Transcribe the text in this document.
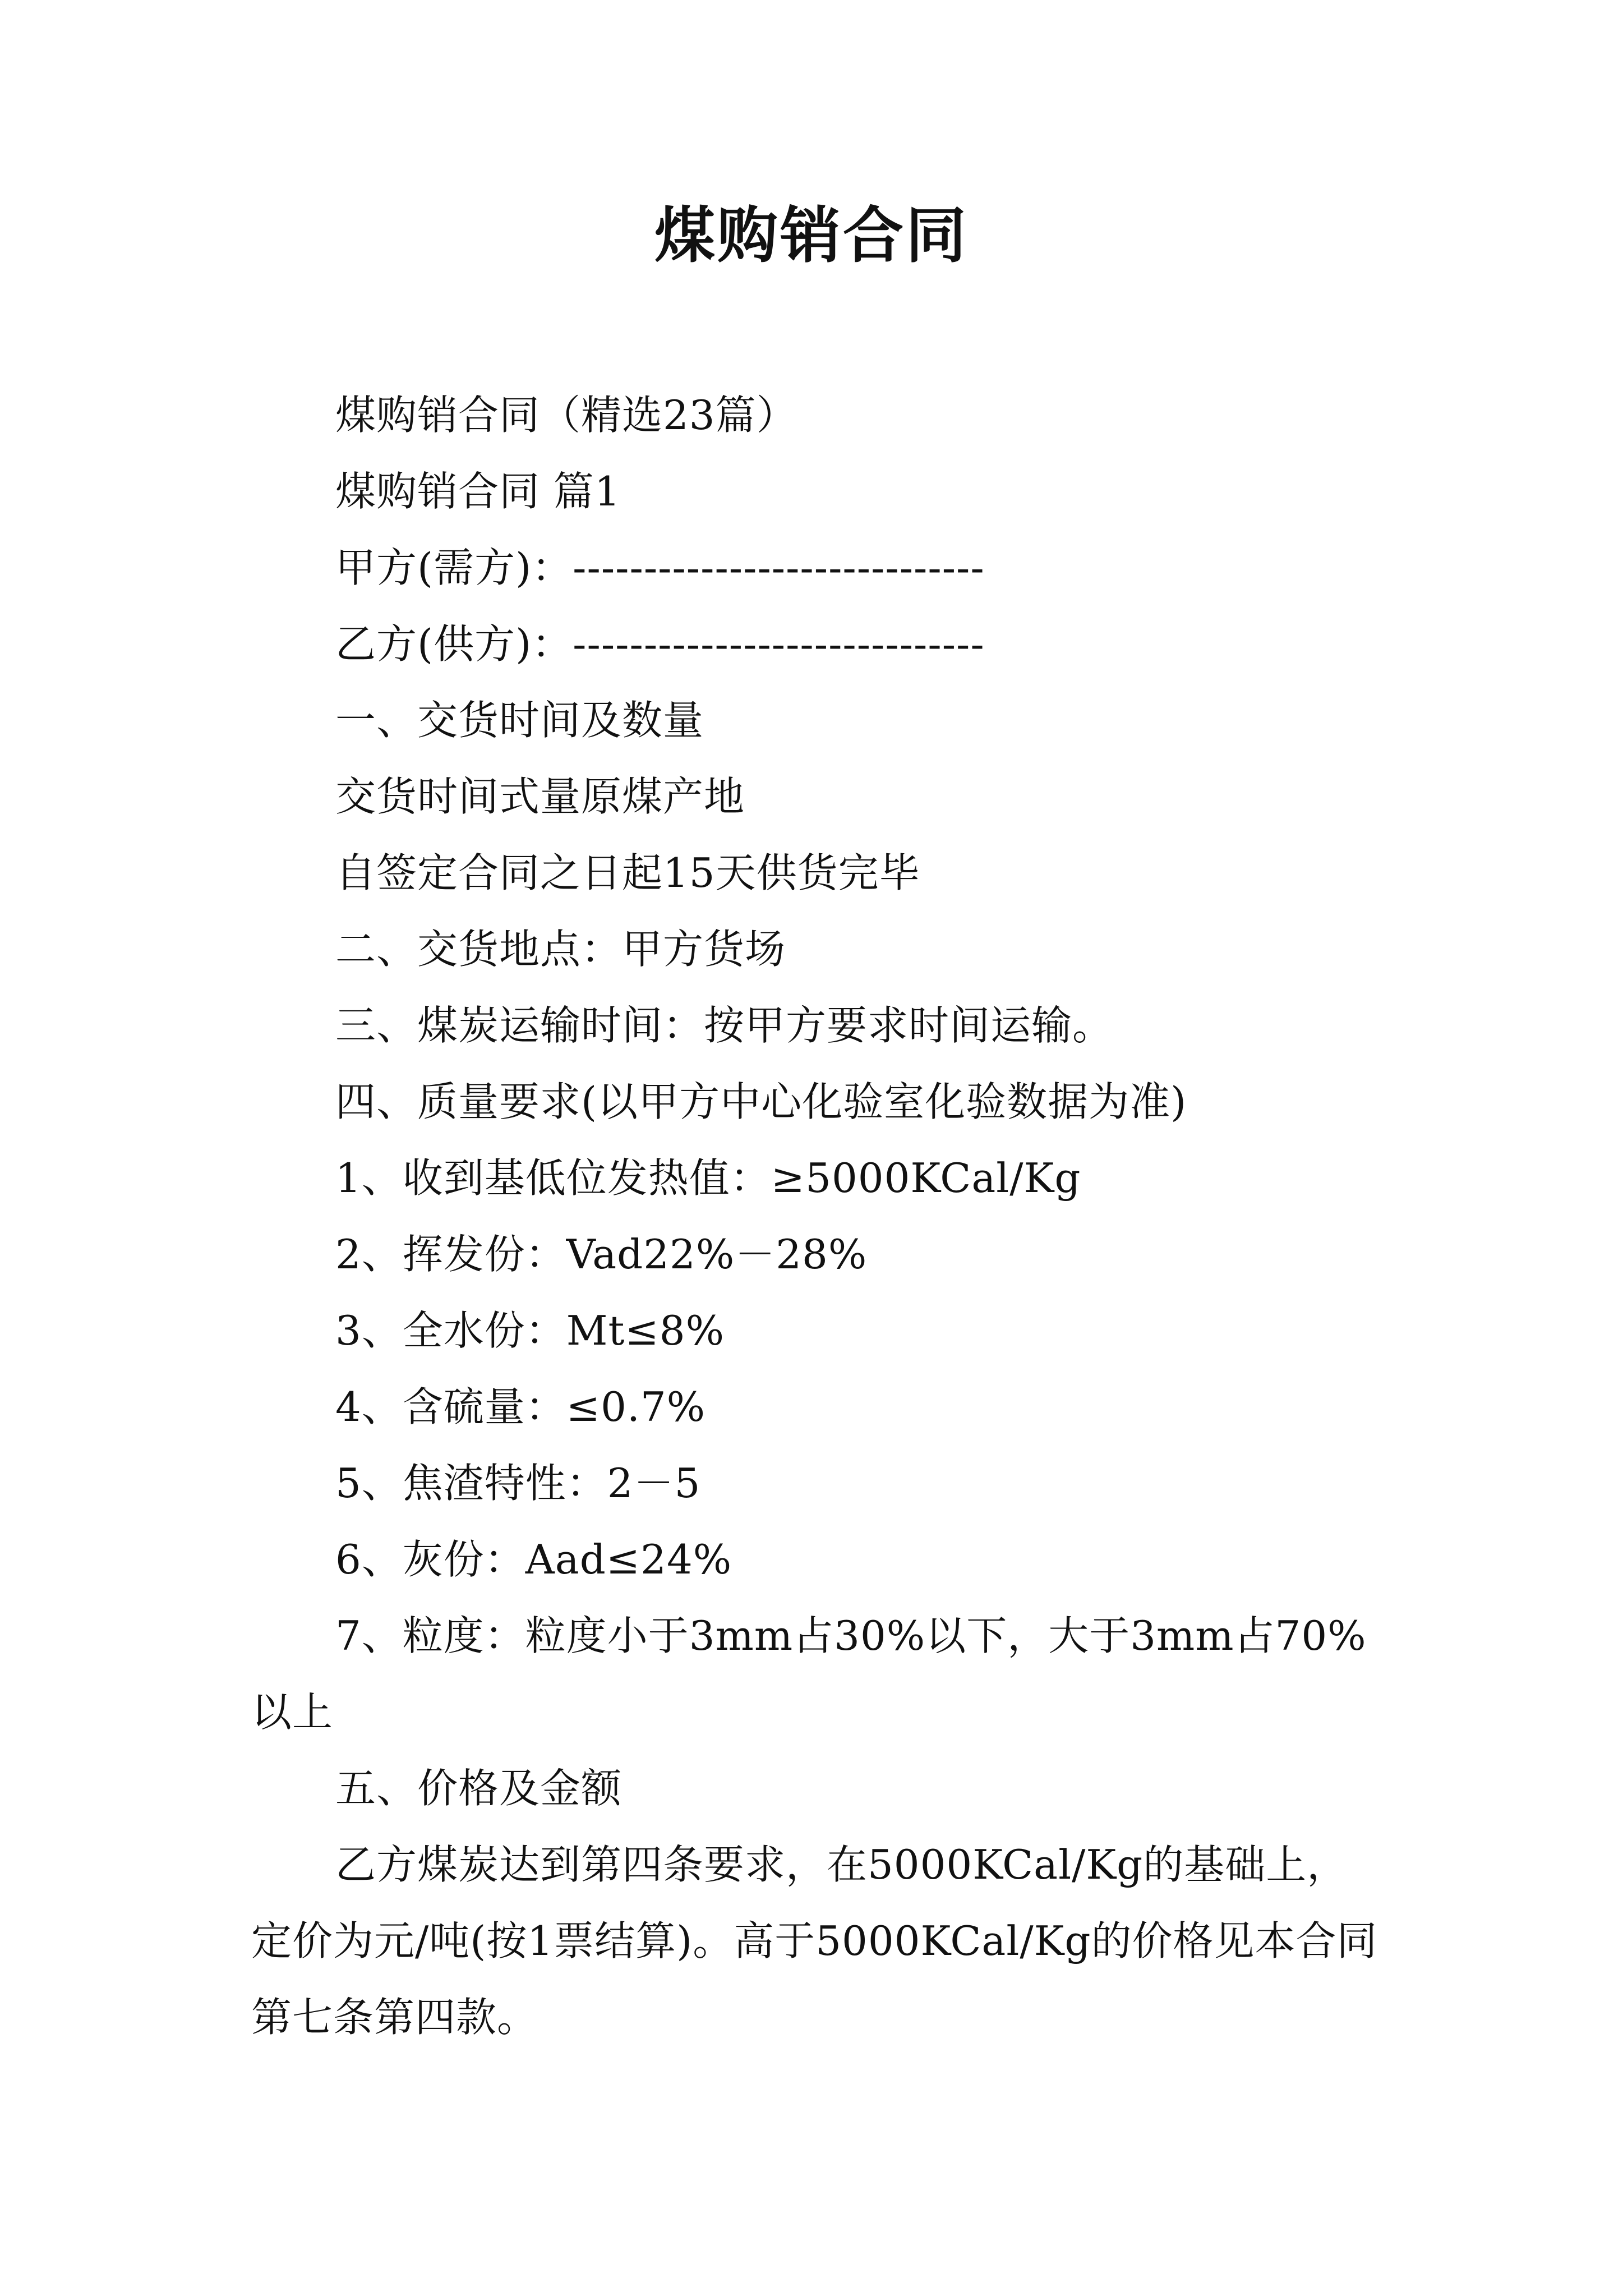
煤购销合同

煤购销合同（精选23篇）

煤购销合同 篇1

甲方(需方)：-----------------------------

乙方(供方)：-----------------------------

一、交货时间及数量

交货时间式量原煤产地

自签定合同之日起15天供货完毕

二、交货地点：甲方货场

三、煤炭运输时间：按甲方要求时间运输。

四、质量要求(以甲方中心化验室化验数据为准)

1、收到基低位发热值：≥5000KCal/Kg

2、挥发份：Vad22%－28%

3、全水份：Mt≤8%

4、含硫量：≤0.7%

5、焦渣特性：2－5

6、灰份：Aad≤24%

7、粒度：粒度小于3mm占30%以下，大于3mm占70%以上

五、价格及金额

乙方煤炭达到第四条要求，在5000KCal/Kg的基础上，定价为元/吨(按1票结算)。高于5000KCal/Kg的价格见本合同第七条第四款。
